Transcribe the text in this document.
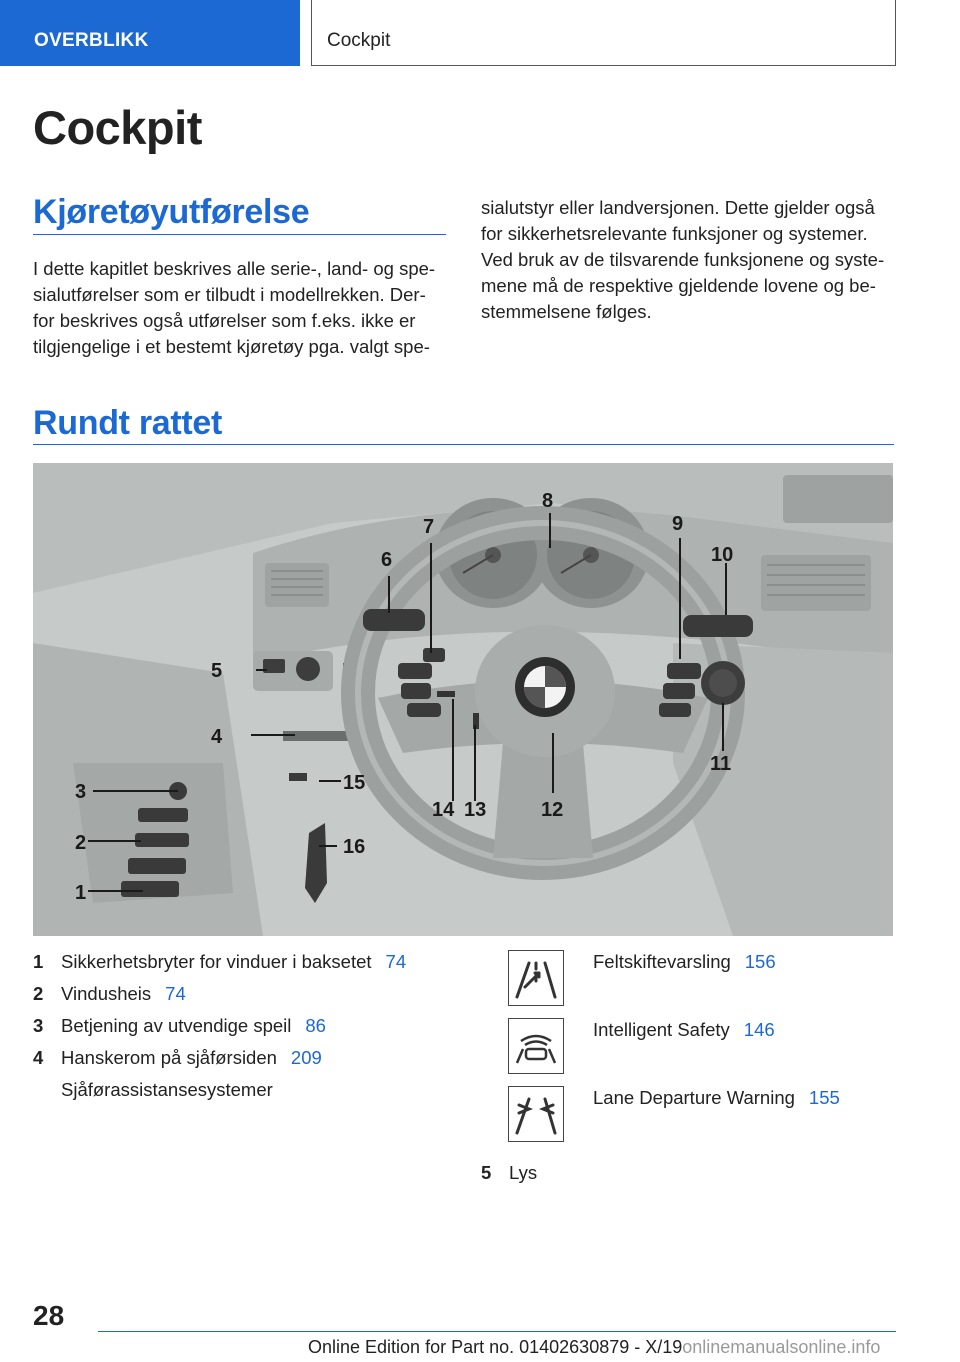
OVERBLIKK	Cockpit
Cockpit
Kjøretøyutførelse
I dette kapitlet beskrives alle serie-, land- og spe-
sialutførelser som er tilbudt i modellrekken. Der-
for beskrives også utførelser som f.eks. ikke er
tilgjengelige i et bestemt kjøretøy pga. valgt spe-
sialutstyr eller landversjonen. Dette gjelder også
for sikkerhetsrelevante funksjoner og systemer.
Ved bruk av de tilsvarende funksjonene og syste-
mene må de respektive gjeldende lovene og be-
stemmelsene følges.
Rundt rattet
1
2
3
4
5
6
7
8
9
10
11
12
13
14
15
16
1 Sikkerhetsbryter for vinduer i baksetet 74
2 Vindusheis 74
3 Betjening av utvendige speil 86
4 Hanskerom på sjåførsiden 209
Sjåførassistansesystemer
Feltskiftevarsling 156
Intelligent Safety 146
Lane Departure Warning 155
5 Lys
28
Online Edition for Part no. 01402630879 - X/19onlinemanualsonline.info
